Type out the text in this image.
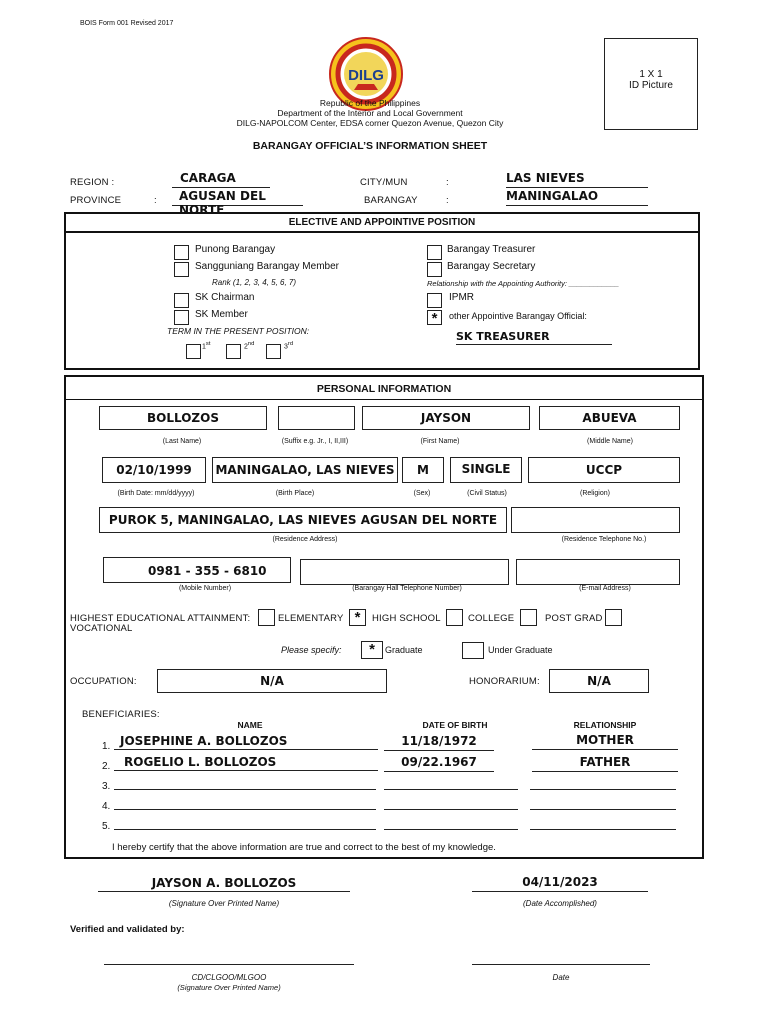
BOIS Form 001 Revised 2017
DILG	1 X 1
ID Picture
Republic of the Philippines
Department of the Interior and Local Government
DILG-NAPOLCOM Center, EDSA corner Quezon Avenue, Quezon City
BARANGAY OFFICIAL’S INFORMATION SHEET
REGION :	CARAGA
PROVINCE	:	AGUSAN DEL NORTE
CITY/MUN	:	LAS NIEVES
BARANGAY	:	MANINGALAO
ELECTIVE AND APPOINTIVE POSITION
Punong Barangay
Sangguniang Barangay Member
Rank (1, 2, 3, 4, 5, 6, 7)
SK Chairman
SK Member
TERM IN THE PRESENT POSITION:
1st	2nd	3rd
Barangay Treasurer
Barangay Secretary
Relationship with the Appointing Authority: ____________
IPMR
*	other Appointive Barangay Official:
SK TREASURER
PERSONAL INFORMATION
BOLLOZOS
(Last Name)	(Suffix e.g. Jr., I, II,III)
JAYSON
(First Name)
ABUEVA
(Middle Name)
02/10/1999
(Birth Date: mm/dd/yyyy)
MANINGALAO, LAS NIEVES
(Birth Place)
M
(Sex)
SINGLE
(Civil Status)
UCCP
(Religion)
PUROK 5, MANINGALAO, LAS NIEVES AGUSAN DEL NORTE
(Residence Address)	(Residence Telephone No.)
0981 - 355 - 6810
(Mobile Number)	(Barangay Hall Telephone Number)	(E-mail Address)
HIGHEST EDUCATIONAL ATTAINMENT:
VOCATIONAL
ELEMENTARY *	HIGH SCHOOL	COLLEGE	POST GRAD
Please specify:	*	Graduate	Under Graduate
OCCUPATION:	N/A	HONORARIUM:	N/A
BENEFICIARIES:
NAME	DATE OF BIRTH	RELATIONSHIP
1. JOSEPHINE A. BOLLOZOS	11/18/1972	MOTHER
2.	ROGELIO L. BOLLOZOS	09/22.1967	FATHER
3.
4.
5.
I hereby certify that the above information are true and correct to the best of my knowledge.
JAYSON A. BOLLOZOS
(Signature Over Printed Name)
04/11/2023
(Date Accomplished)
Verified and validated by:
CD/CLGOO/MLGOO
(Signature Over Printed Name)
Date
